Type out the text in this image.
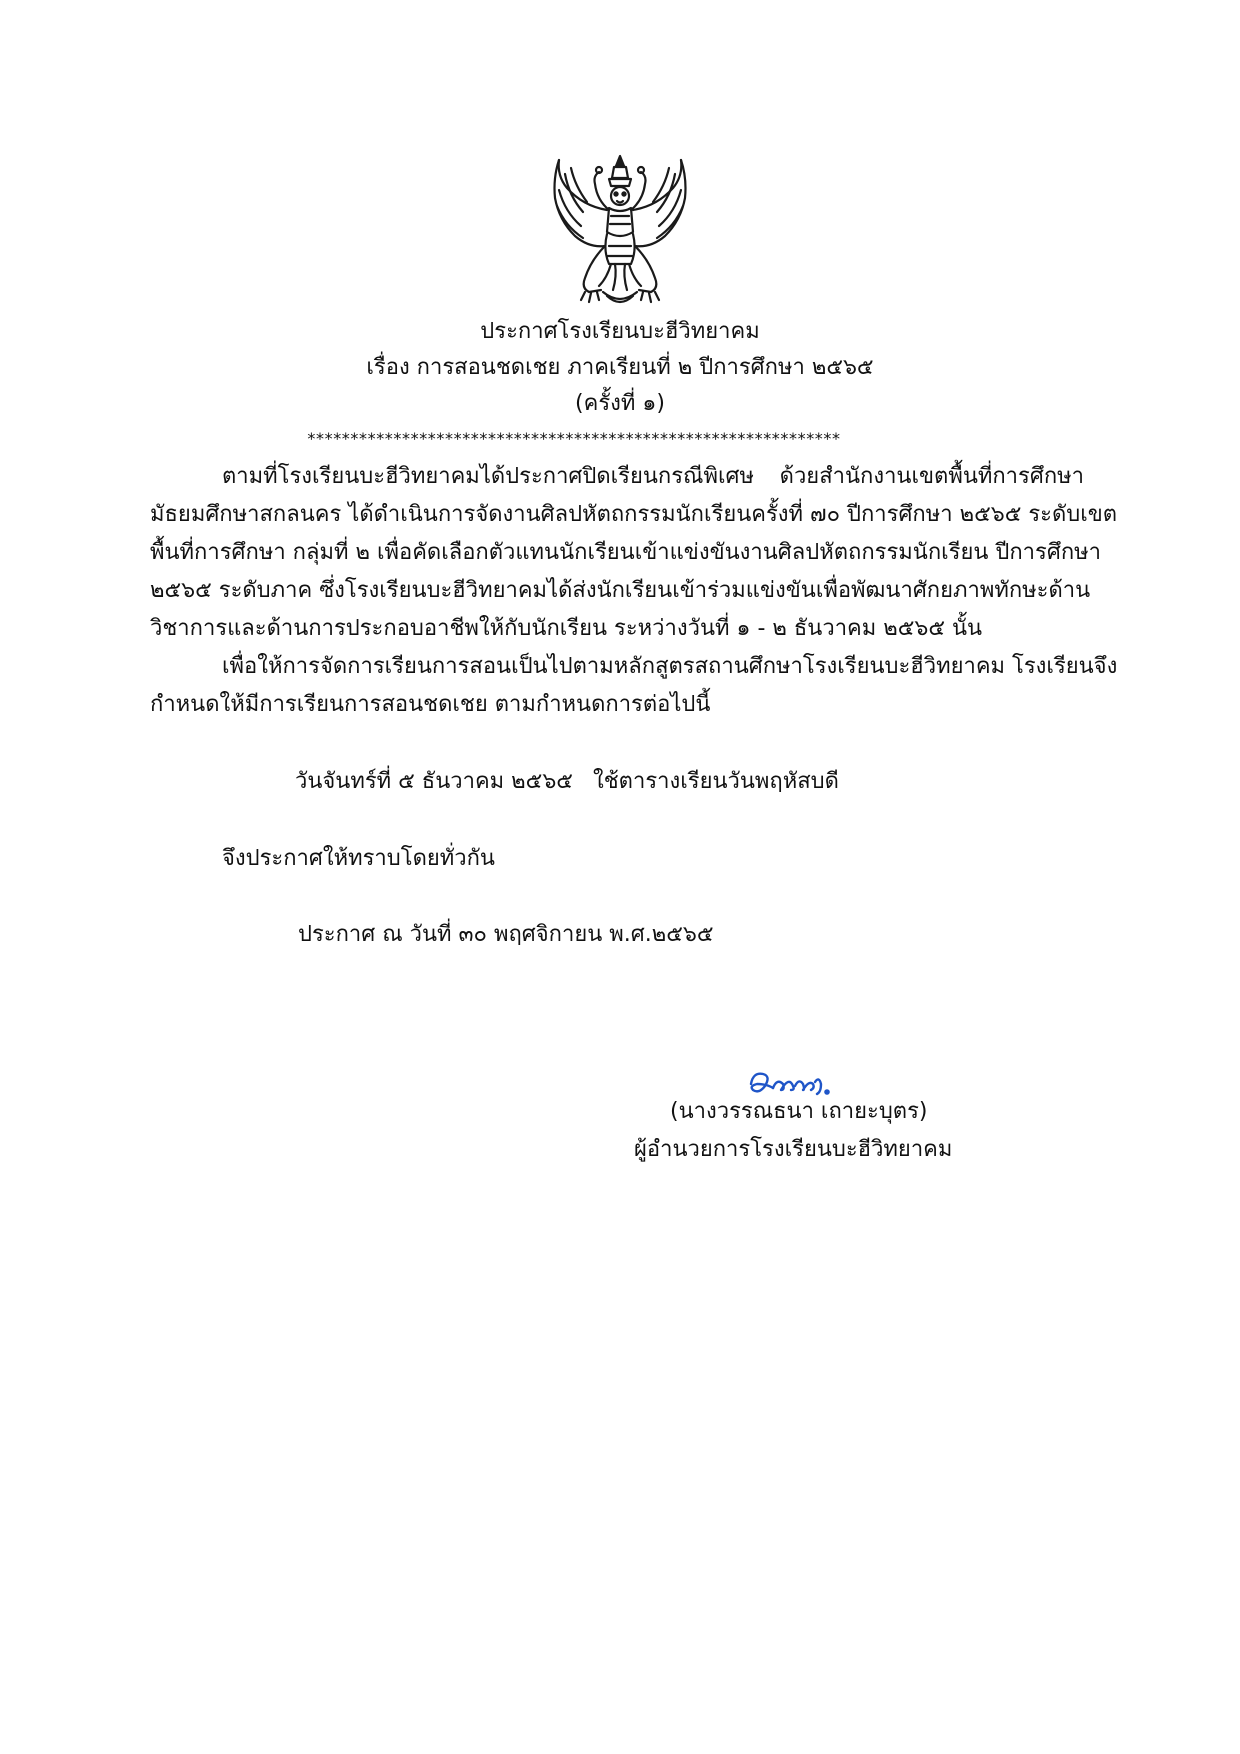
ประกาศโรงเรียนบะฮีวิทยาคม
เรื่อง การสอนชดเชย ภาคเรียนที่ ๒ ปีการศึกษา ๒๕๖๕
(ครั้งที่ ๑)
**************************************************************
ตามที่โรงเรียนบะฮีวิทยาคมได้ประกาศปิดเรียนกรณีพิเศษ ด้วยสำนักงานเขตพื้นที่การศึกษา
มัธยมศึกษาสกลนคร ได้ดำเนินการจัดงานศิลปหัตถกรรมนักเรียนครั้งที่ ๗๐ ปีการศึกษา ๒๕๖๕ ระดับเขต
พื้นที่การศึกษา กลุ่มที่ ๒ เพื่อคัดเลือกตัวแทนนักเรียนเข้าแข่งขันงานศิลปหัตถกรรมนักเรียน ปีการศึกษา
๒๕๖๕ ระดับภาค ซึ่งโรงเรียนบะฮีวิทยาคมได้ส่งนักเรียนเข้าร่วมแข่งขันเพื่อพัฒนาศักยภาพทักษะด้าน
วิชาการและด้านการประกอบอาชีพให้กับนักเรียน ระหว่างวันที่ ๑ - ๒ ธันวาคม ๒๕๖๕ นั้น
เพื่อให้การจัดการเรียนการสอนเป็นไปตามหลักสูตรสถานศึกษาโรงเรียนบะฮีวิทยาคม โรงเรียนจึง
กำหนดให้มีการเรียนการสอนชดเชย ตามกำหนดการต่อไปนี้
วันจันทร์ที่ ๕ ธันวาคม ๒๕๖๕ ใช้ตารางเรียนวันพฤหัสบดี
จึงประกาศให้ทราบโดยทั่วกัน
ประกาศ ณ วันที่ ๓๐ พฤศจิกายน พ.ศ.๒๕๖๕
(นางวรรณธนา เถายะบุตร)
ผู้อำนวยการโรงเรียนบะฮีวิทยาคม
